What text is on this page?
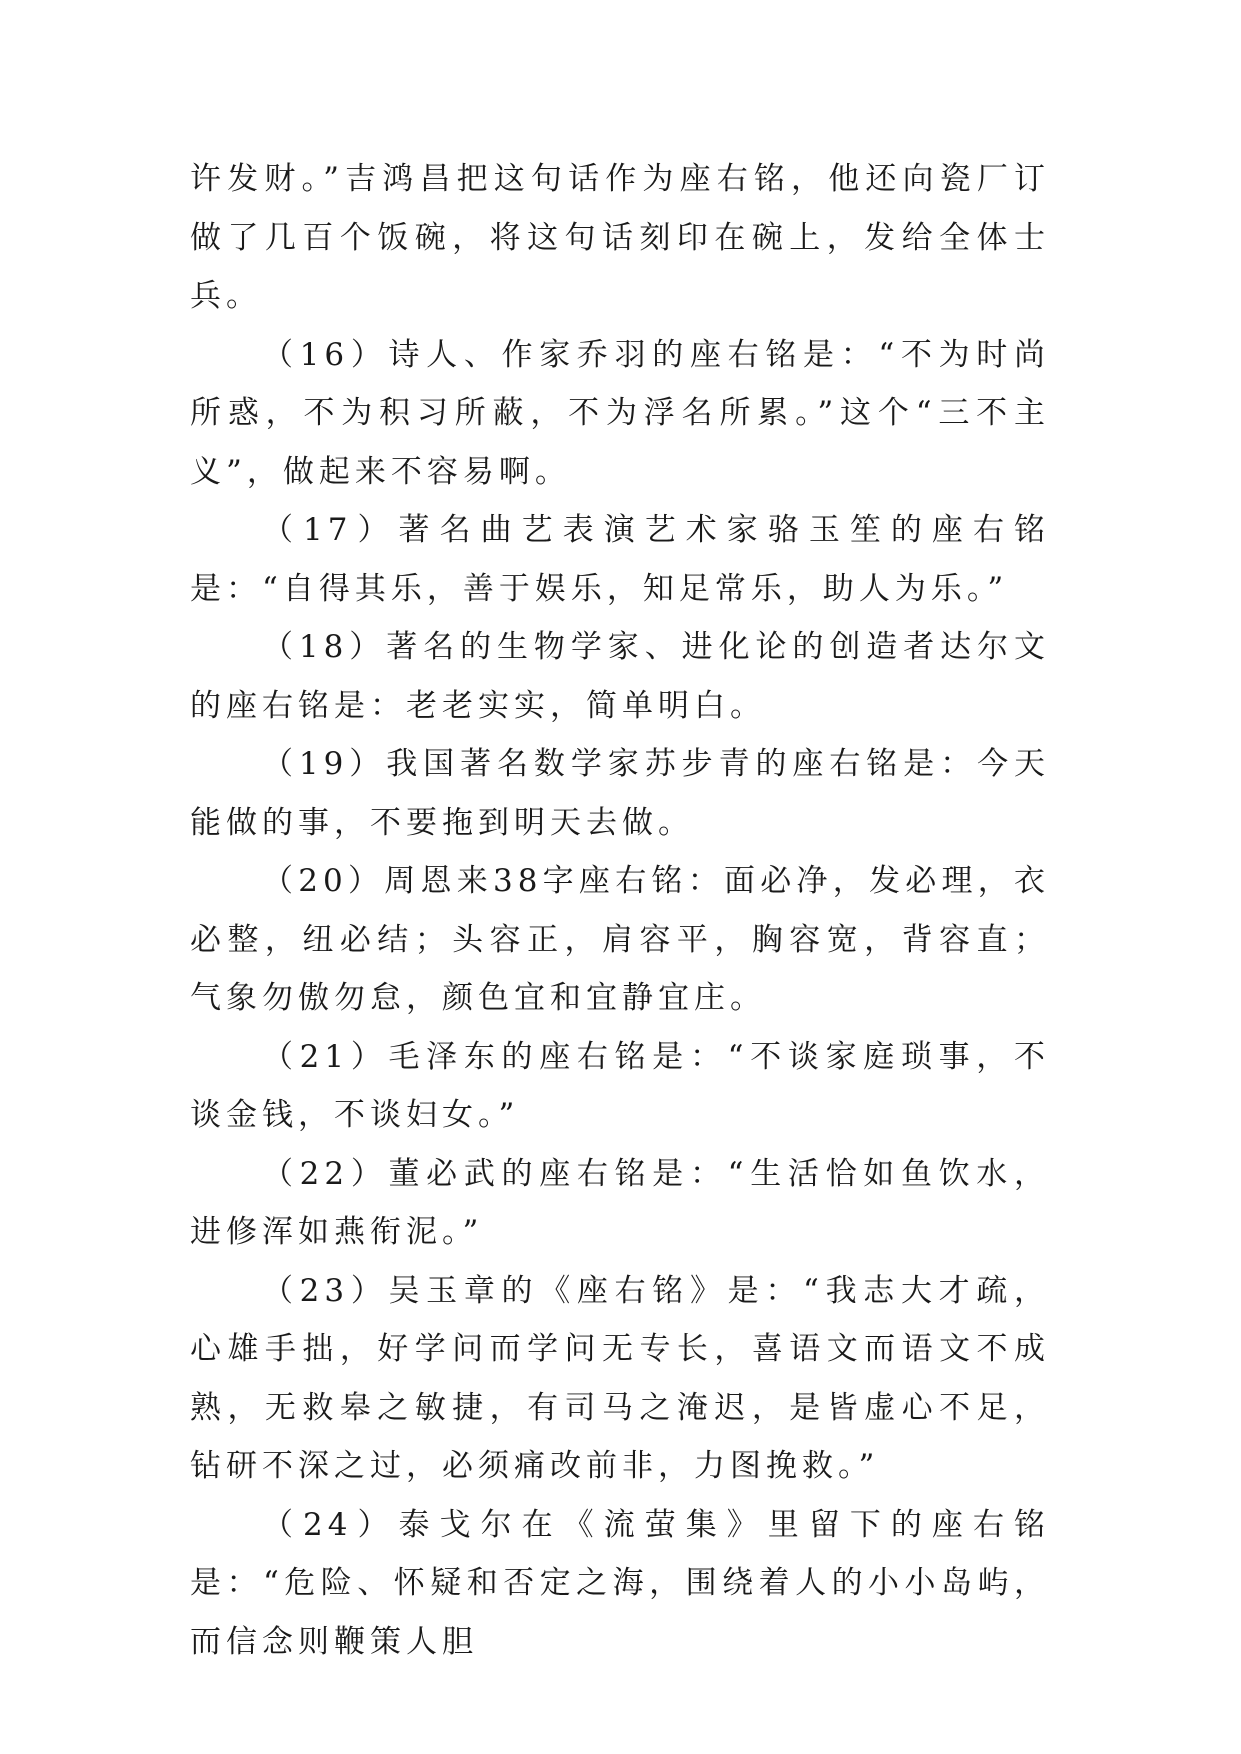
许发财。”吉鸿昌把这句话作为座右铭，他还向瓷厂订做了几百个饭碗，将这句话刻印在碗上，发给全体士兵。

（16）诗人、作家乔羽的座右铭是：“不为时尚所惑，不为积习所蔽，不为浮名所累。”这个“三不主义”，做起来不容易啊。

（17）著名曲艺表演艺术家骆玉笙的座右铭是：“自得其乐，善于娱乐，知足常乐，助人为乐。”

（18）著名的生物学家、进化论的创造者达尔文的座右铭是：老老实实，简单明白。

（19）我国著名数学家苏步青的座右铭是：今天能做的事，不要拖到明天去做。

（20）周恩来38字座右铭：面必净，发必理，衣必整，纽必结；头容正，肩容平，胸容宽，背容直；气象勿傲勿怠，颜色宜和宜静宜庄。

（21）毛泽东的座右铭是：“不谈家庭琐事，不谈金钱，不谈妇女。”

（22）董必武的座右铭是：“生活恰如鱼饮水，进修浑如燕衔泥。”

（23）吴玉章的《座右铭》是：“我志大才疏，心雄手拙，好学问而学问无专长，喜语文而语文不成熟，无救皋之敏捷，有司马之淹迟，是皆虚心不足，钻研不深之过，必须痛改前非，力图挽救。”

（24）泰戈尔在《流萤集》里留下的座右铭是：“危险、怀疑和否定之海，围绕着人的小小岛屿，而信念则鞭策人胆
